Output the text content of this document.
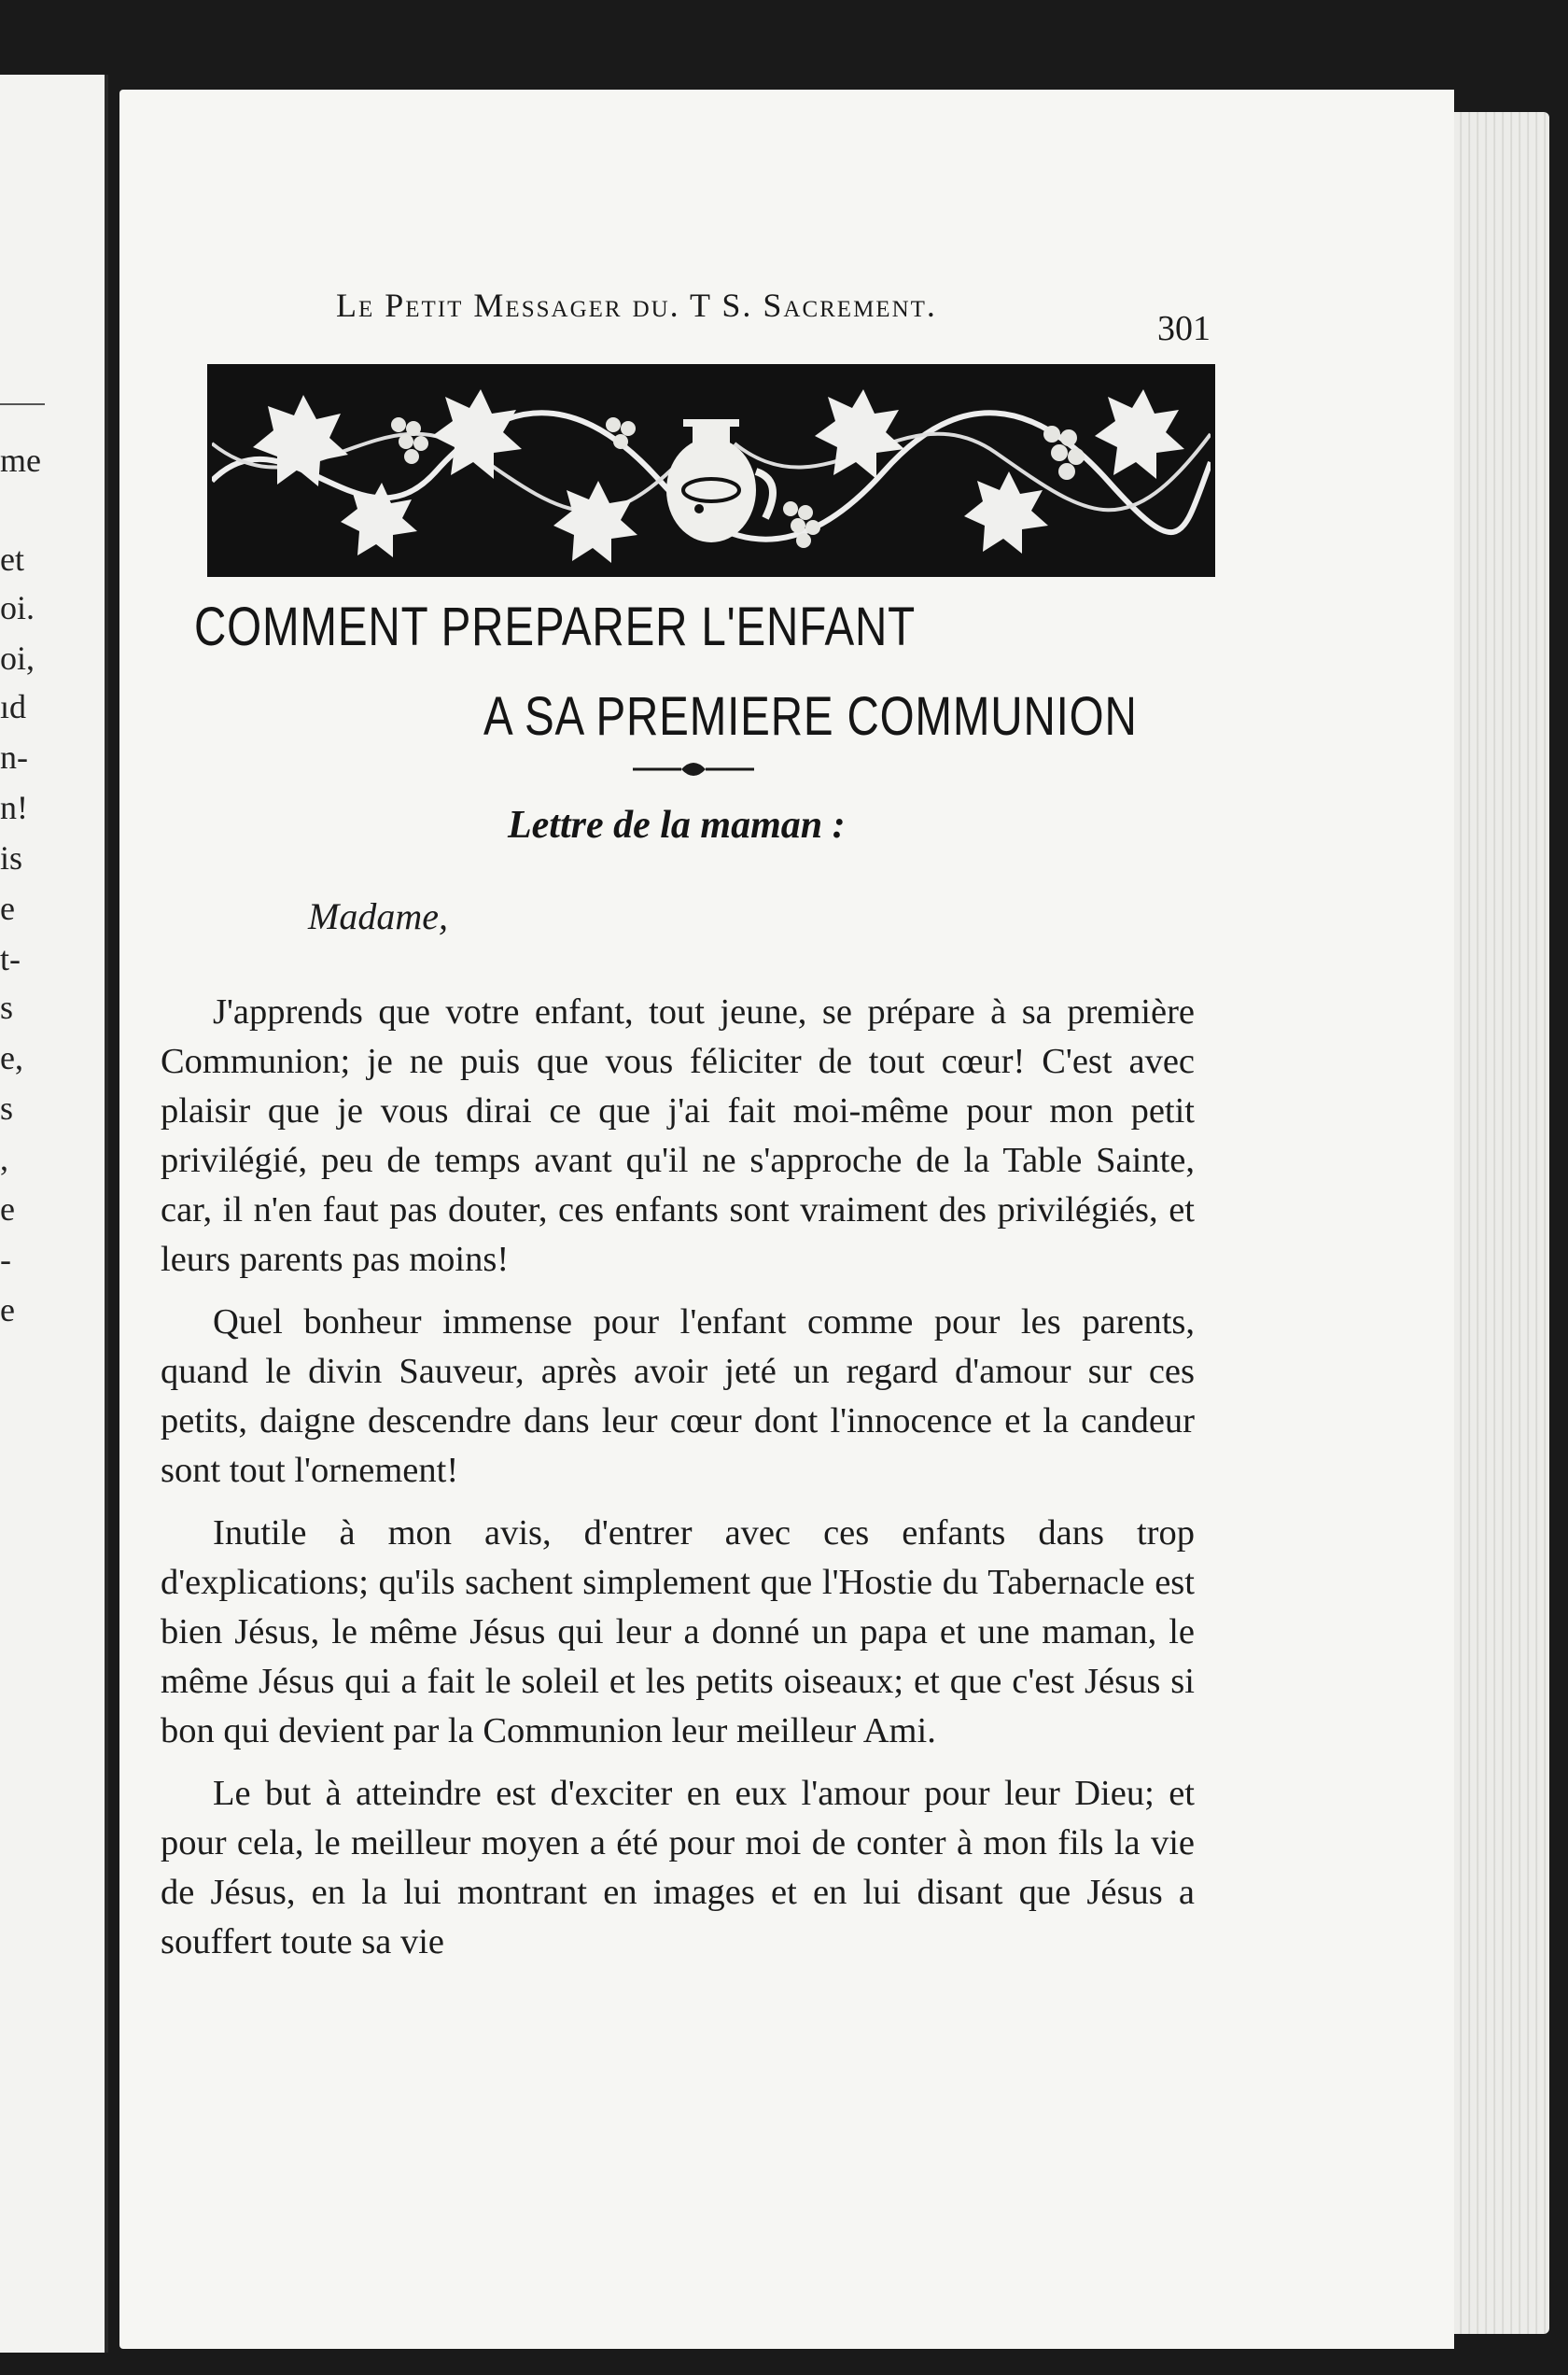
me
et
oi.
oi,
ıd
n-
n!
is
e
t-
s
e,
s
,
e
-
e
Le Petit Messager du. T S. Sacrement.
301
COMMENT PREPARER L'ENFANT
A SA PREMIERE COMMUNION
Lettre de la maman :
Madame,

J'apprends que votre enfant, tout jeune, se prépare à sa première Communion; je ne puis que vous féliciter de tout cœur! C'est avec plaisir que je vous dirai ce que j'ai fait moi-même pour mon petit privilégié, peu de temps avant qu'il ne s'approche de la Table Sainte, car, il n'en faut pas douter, ces enfants sont vraiment des privilégiés, et leurs parents pas moins!

Quel bonheur immense pour l'enfant comme pour les parents, quand le divin Sauveur, après avoir jeté un regard d'amour sur ces petits, daigne descendre dans leur cœur dont l'innocence et la candeur sont tout l'ornement!

Inutile à mon avis, d'entrer avec ces enfants dans trop d'explications; qu'ils sachent simplement que l'Hostie du Tabernacle est bien Jésus, le même Jésus qui leur a donné un papa et une maman, le même Jésus qui a fait le soleil et les petits oiseaux; et que c'est Jésus si bon qui devient par la Communion leur meilleur Ami.

Le but à atteindre est d'exciter en eux l'amour pour leur Dieu; et pour cela, le meilleur moyen a été pour moi de conter à mon fils la vie de Jésus, en la lui montrant en images et en lui disant que Jésus a souffert toute sa vie
